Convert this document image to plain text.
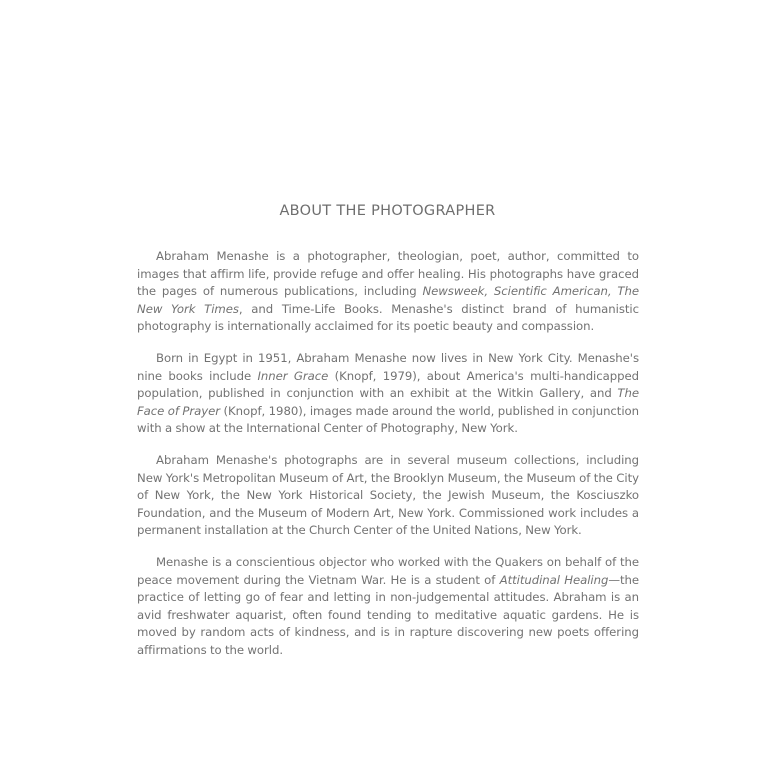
ABOUT THE PHOTOGRAPHER

Abraham Menashe is a photographer, theologian, poet, author, committed to images that affirm life, provide refuge and offer healing. His photographs have graced the pages of numerous publications, including Newsweek, Scientific American, The New York Times, and Time-Life Books. Menashe's distinct brand of humanistic photography is internationally acclaimed for its poetic beauty and compassion.

Born in Egypt in 1951, Abraham Menashe now lives in New York City. Menashe's nine books include Inner Grace (Knopf, 1979), about America's multi-handicapped population, published in conjunction with an exhibit at the Witkin Gallery, and The Face of Prayer (Knopf, 1980), images made around the world, published in conjunction with a show at the International Center of Photography, New York.

Abraham Menashe's photographs are in several museum collections, including New York's Metropolitan Museum of Art, the Brooklyn Museum, the Museum of the City of New York, the New York Historical Society, the Jewish Museum, the Kosciuszko Foundation, and the Museum of Modern Art, New York. Commissioned work includes a permanent installation at the Church Center of the United Nations, New York.

Menashe is a conscientious objector who worked with the Quakers on behalf of the peace movement during the Vietnam War. He is a student of Attitudinal Healing—the practice of letting go of fear and letting in non-judgemental attitudes. Abraham is an avid freshwater aquarist, often found tending to meditative aquatic gardens. He is moved by random acts of kindness, and is in rapture discovering new poets offering affirmations to the world.
